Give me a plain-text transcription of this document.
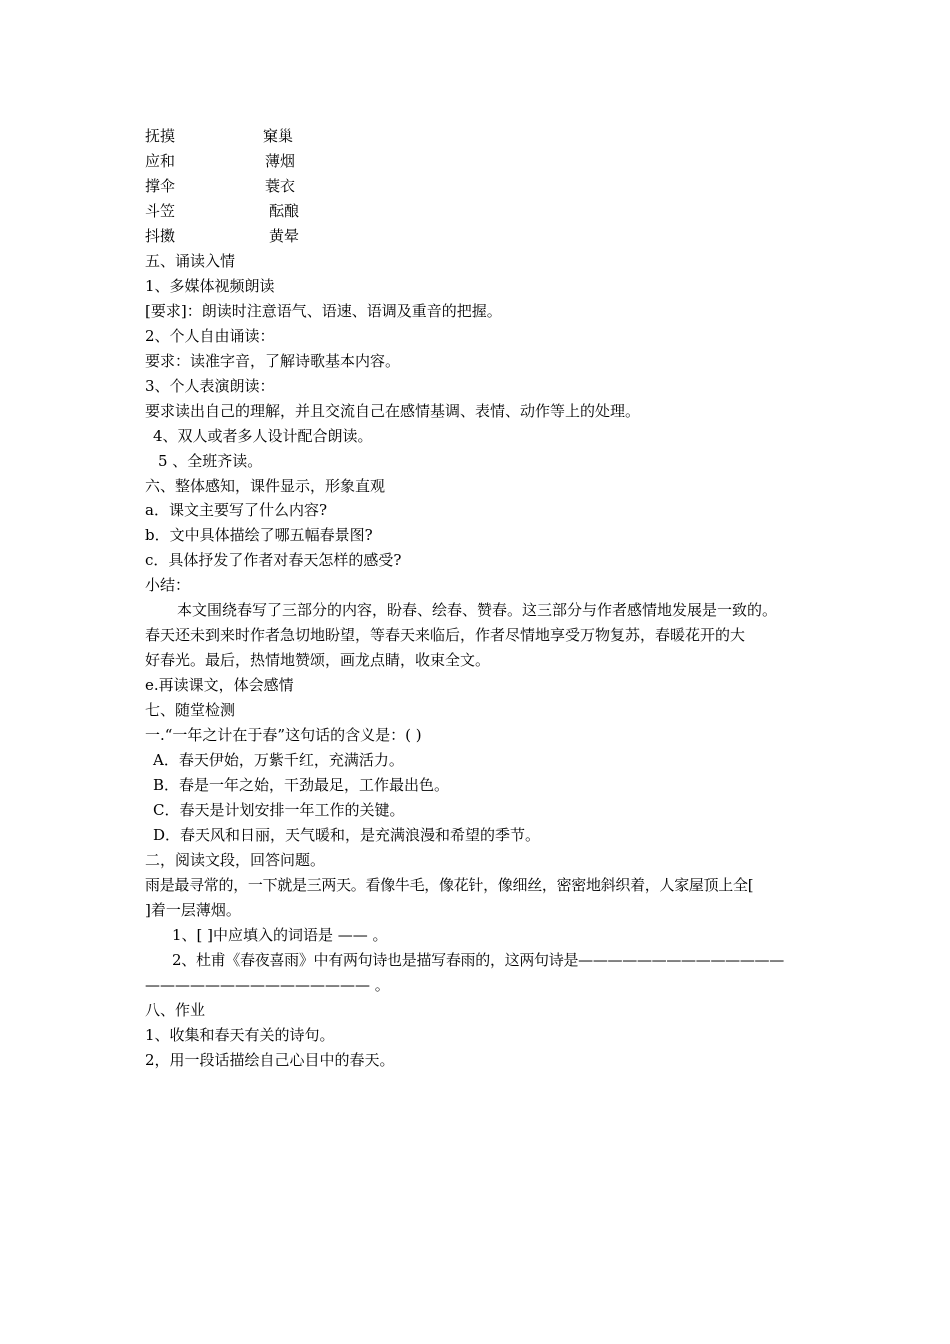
抚摸	窠巢
应和	薄烟
撑伞	蓑衣
斗笠	酝酿
抖擞	黄晕
五、诵读入情
1、多媒体视频朗读
[要求]：朗读时注意语气、语速、语调及重音的把握。
2、个人自由诵读：
要求：读准字音，了解诗歌基本内容。
3、个人表演朗读：
要求读出自己的理解，并且交流自己在感情基调、表情、动作等上的处理。
4、双人或者多人设计配合朗读。
5 、全班齐读。
六、整体感知，课件显示，形象直观
a．课文主要写了什么内容?
b．文中具体描绘了哪五幅春景图?
c．具体抒发了作者对春天怎样的感受?
小结：
本文围绕春写了三部分的内容，盼春、绘春、赞春。这三部分与作者感情地发展是一致的。
春天还未到来时作者急切地盼望，等春天来临后，作者尽情地享受万物复苏，春暖花开的大
好春光。最后，热情地赞颂，画龙点睛，收束全文。
e.再读课文，体会感情
七、随堂检测
一.“一年之计在于春”这句话的含义是：( )
A．春天伊始，万紫千红，充满活力。
B．春是一年之始，干劲最足，工作最出色。
C．春天是计划安排一年工作的关键。
D．春天风和日丽，天气暖和，是充满浪漫和希望的季节。
二，阅读文段，回答问题。
雨是最寻常的，一下就是三两天。看像牛毛，像花针，像细丝，密密地斜织着，人家屋顶上全[
]着一层薄烟。
1、[ ]中应填入的词语是 —— 。
2、杜甫《春夜喜雨》中有两句诗也是描写春雨的，这两句诗是——————————————
——————————————— 。
八、作业
1、收集和春天有关的诗句。
2，用一段话描绘自己心目中的春天。
